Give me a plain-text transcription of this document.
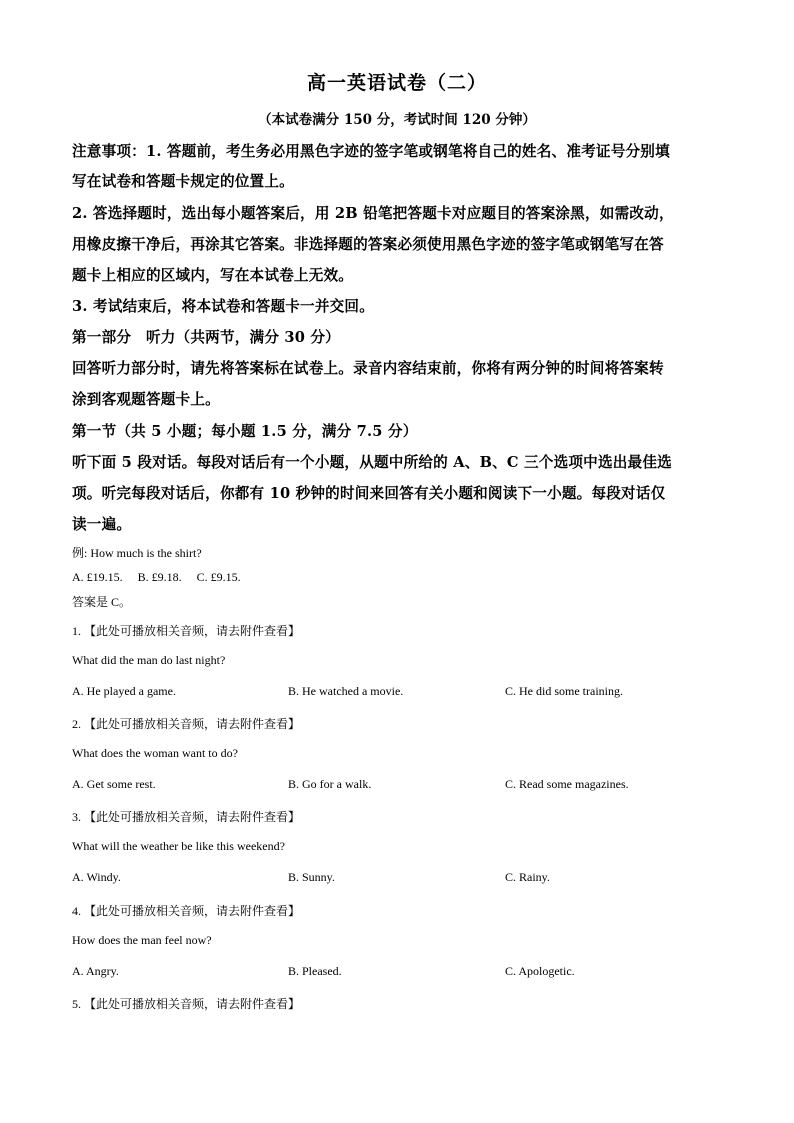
高一英语试卷（二）
（本试卷满分 150 分，考试时间 120 分钟）
注意事项：1. 答题前，考生务必用黑色字迹的签字笔或钢笔将自己的姓名、准考证号分别填
写在试卷和答题卡规定的位置上。
2. 答选择题时，选出每小题答案后，用 2B 铅笔把答题卡对应题目的答案涂黑，如需改动，
用橡皮擦干净后，再涂其它答案。非选择题的答案必须使用黑色字迹的签字笔或钢笔写在答
题卡上相应的区域内，写在本试卷上无效。
3. 考试结束后，将本试卷和答题卡一并交回。
第一部分　听力（共两节，满分 30 分）
回答听力部分时，请先将答案标在试卷上。录音内容结束前，你将有两分钟的时间将答案转
涂到客观题答题卡上。
第一节（共 5 小题；每小题 1.5 分，满分 7.5 分）
听下面 5 段对话。每段对话后有一个小题，从题中所给的 A、B、C 三个选项中选出最佳选
项。听完每段对话后，你都有 10 秒钟的时间来回答有关小题和阅读下一小题。每段对话仅
读一遍。
例: How much is the shirt?
A. £19.15.　 B. £9.18.　 C. £9.15.
答案是 C。
1. 【此处可播放相关音频，请去附件查看】
What did the man do last night?
A. He played a game.	B. He watched a movie.	C. He did some training.
2. 【此处可播放相关音频，请去附件查看】
What does the woman want to do?
A. Get some rest.	B. Go for a walk.	C. Read some magazines.
3. 【此处可播放相关音频，请去附件查看】
What will the weather be like this weekend?
A. Windy.	B. Sunny.	C. Rainy.
4. 【此处可播放相关音频，请去附件查看】
How does the man feel now?
A. Angry.	B. Pleased.	C. Apologetic.
5. 【此处可播放相关音频，请去附件查看】
